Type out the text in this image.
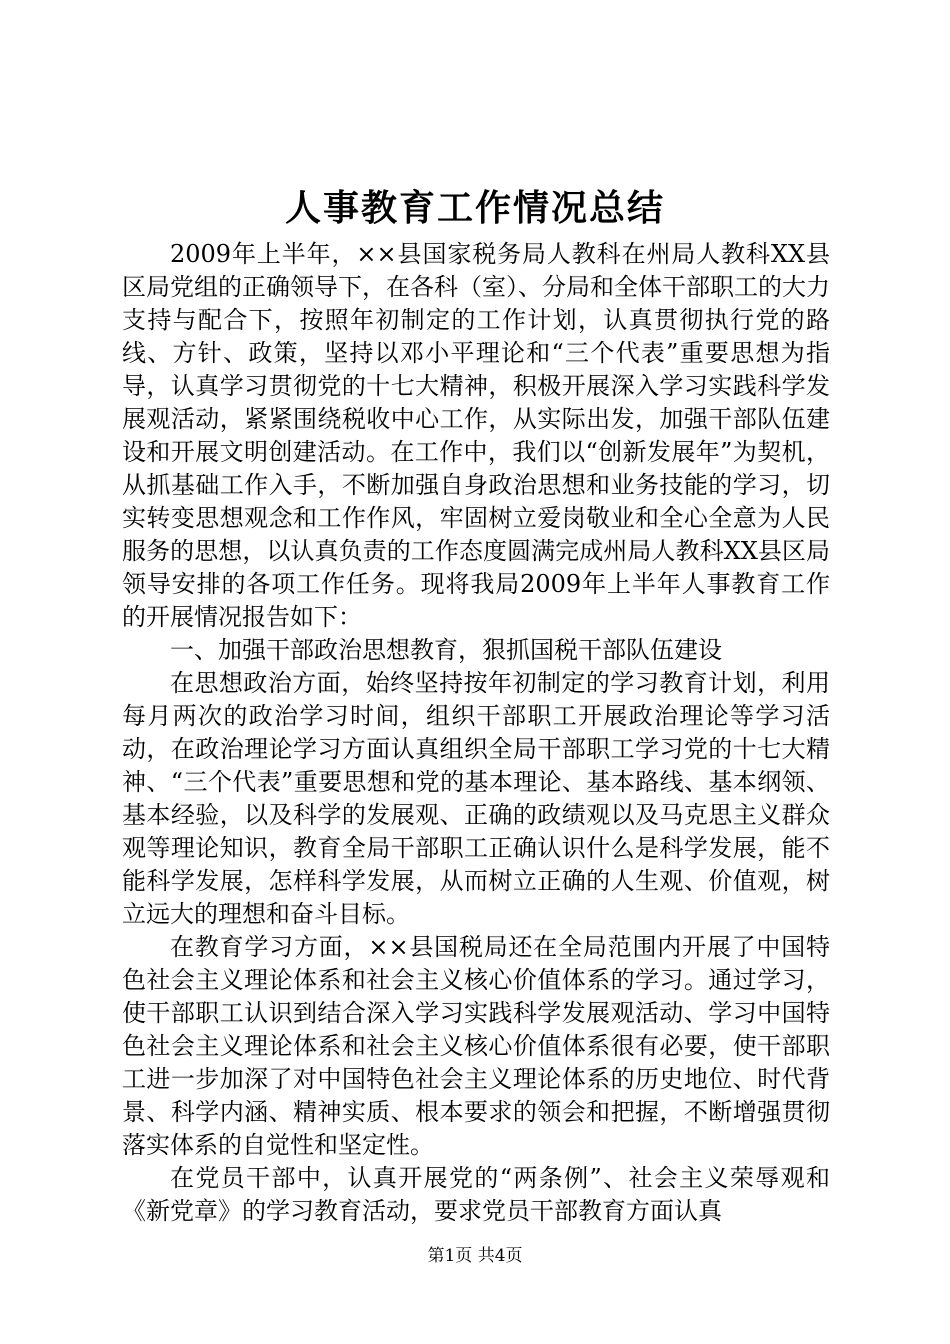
人事教育工作情况总结

2009年上半年，××县国家税务局人教科在州局人教科XX县区局党组的正确领导下，在各科（室）、分局和全体干部职工的大力支持与配合下，按照年初制定的工作计划，认真贯彻执行党的路线、方针、政策，坚持以邓小平理论和“三个代表”重要思想为指导，认真学习贯彻党的十七大精神，积极开展深入学习实践科学发展观活动，紧紧围绕税收中心工作，从实际出发，加强干部队伍建设和开展文明创建活动。在工作中，我们以“创新发展年”为契机，从抓基础工作入手，不断加强自身政治思想和业务技能的学习，切实转变思想观念和工作作风，牢固树立爱岗敬业和全心全意为人民服务的思想，以认真负责的工作态度圆满完成州局人教科XX县区局领导安排的各项工作任务。现将我局2009年上半年人事教育工作的开展情况报告如下：

一、加强干部政治思想教育，狠抓国税干部队伍建设

在思想政治方面，始终坚持按年初制定的学习教育计划，利用每月两次的政治学习时间，组织干部职工开展政治理论等学习活动，在政治理论学习方面认真组织全局干部职工学习党的十七大精神、“三个代表”重要思想和党的基本理论、基本路线、基本纲领、基本经验，以及科学的发展观、正确的政绩观以及马克思主义群众观等理论知识，教育全局干部职工正确认识什么是科学发展，能不能科学发展，怎样科学发展，从而树立正确的人生观、价值观，树立远大的理想和奋斗目标。

在教育学习方面，××县国税局还在全局范围内开展了中国特色社会主义理论体系和社会主义核心价值体系的学习。通过学习，使干部职工认识到结合深入学习实践科学发展观活动、学习中国特色社会主义理论体系和社会主义核心价值体系很有必要，使干部职工进一步加深了对中国特色社会主义理论体系的历史地位、时代背景、科学内涵、精神实质、根本要求的领会和把握，不断增强贯彻落实体系的自觉性和坚定性。

在党员干部中，认真开展党的“两条例”、社会主义荣辱观和《新党章》的学习教育活动，要求党员干部教育方面认真

第1页 共4页
